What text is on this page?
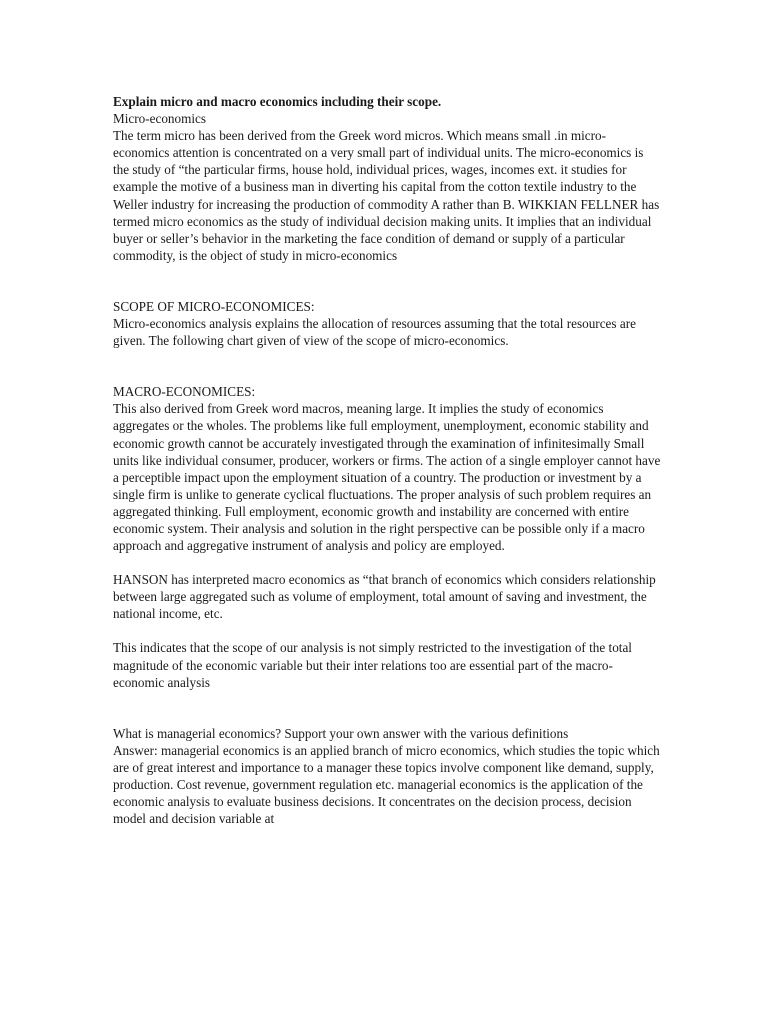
Explain micro and macro economics including their scope.

Micro-economics

The term micro has been derived from the Greek word micros. Which means small .in micro-economics attention is concentrated on a very small part of individual units. The micro-economics is the study of “the particular firms, house hold, individual prices, wages, incomes ext. it studies for example the motive of a business man in diverting his capital from the cotton textile industry to the Weller industry for increasing the production of commodity A rather than B. WIKKIAN FELLNER has termed micro economics as the study of individual decision making units. It implies that an individual buyer or seller’s behavior in the marketing the face condition of demand or supply of a particular commodity, is the object of study in micro-economics

SCOPE OF MICRO-ECONOMICES:

Micro-economics analysis explains the allocation of resources assuming that the total resources are given. The following chart given of view of the scope of micro-economics.

MACRO-ECONOMICES:

This also derived from Greek word macros, meaning large. It implies the study of economics aggregates or the wholes. The problems like full employment, unemployment, economic stability and economic growth cannot be accurately investigated through the examination of infinitesimally Small units like individual consumer, producer, workers or firms. The action of a single employer cannot have a perceptible impact upon the employment situation of a country. The production or investment by a single firm is unlike to generate cyclical fluctuations. The proper analysis of such problem requires an aggregated thinking. Full employment, economic growth and instability are concerned with entire economic system. Their analysis and solution in the right perspective can be possible only if a macro approach and aggregative instrument of analysis and policy are employed.

HANSON has interpreted macro economics as “that branch of economics which considers relationship between large aggregated such as volume of employment, total amount of saving and investment, the national income, etc.

This indicates that the scope of our analysis is not simply restricted to the investigation of the total magnitude of the economic variable but their inter relations too are essential part of the macro-economic analysis

What is managerial economics? Support your own answer with the various definitions

Answer: managerial economics is an applied branch of micro economics, which studies the topic which are of great interest and importance to a manager these topics involve component like demand, supply, production. Cost revenue, government regulation etc. managerial economics is the application of the economic analysis to evaluate business decisions. It concentrates on the decision process, decision model and decision variable at
